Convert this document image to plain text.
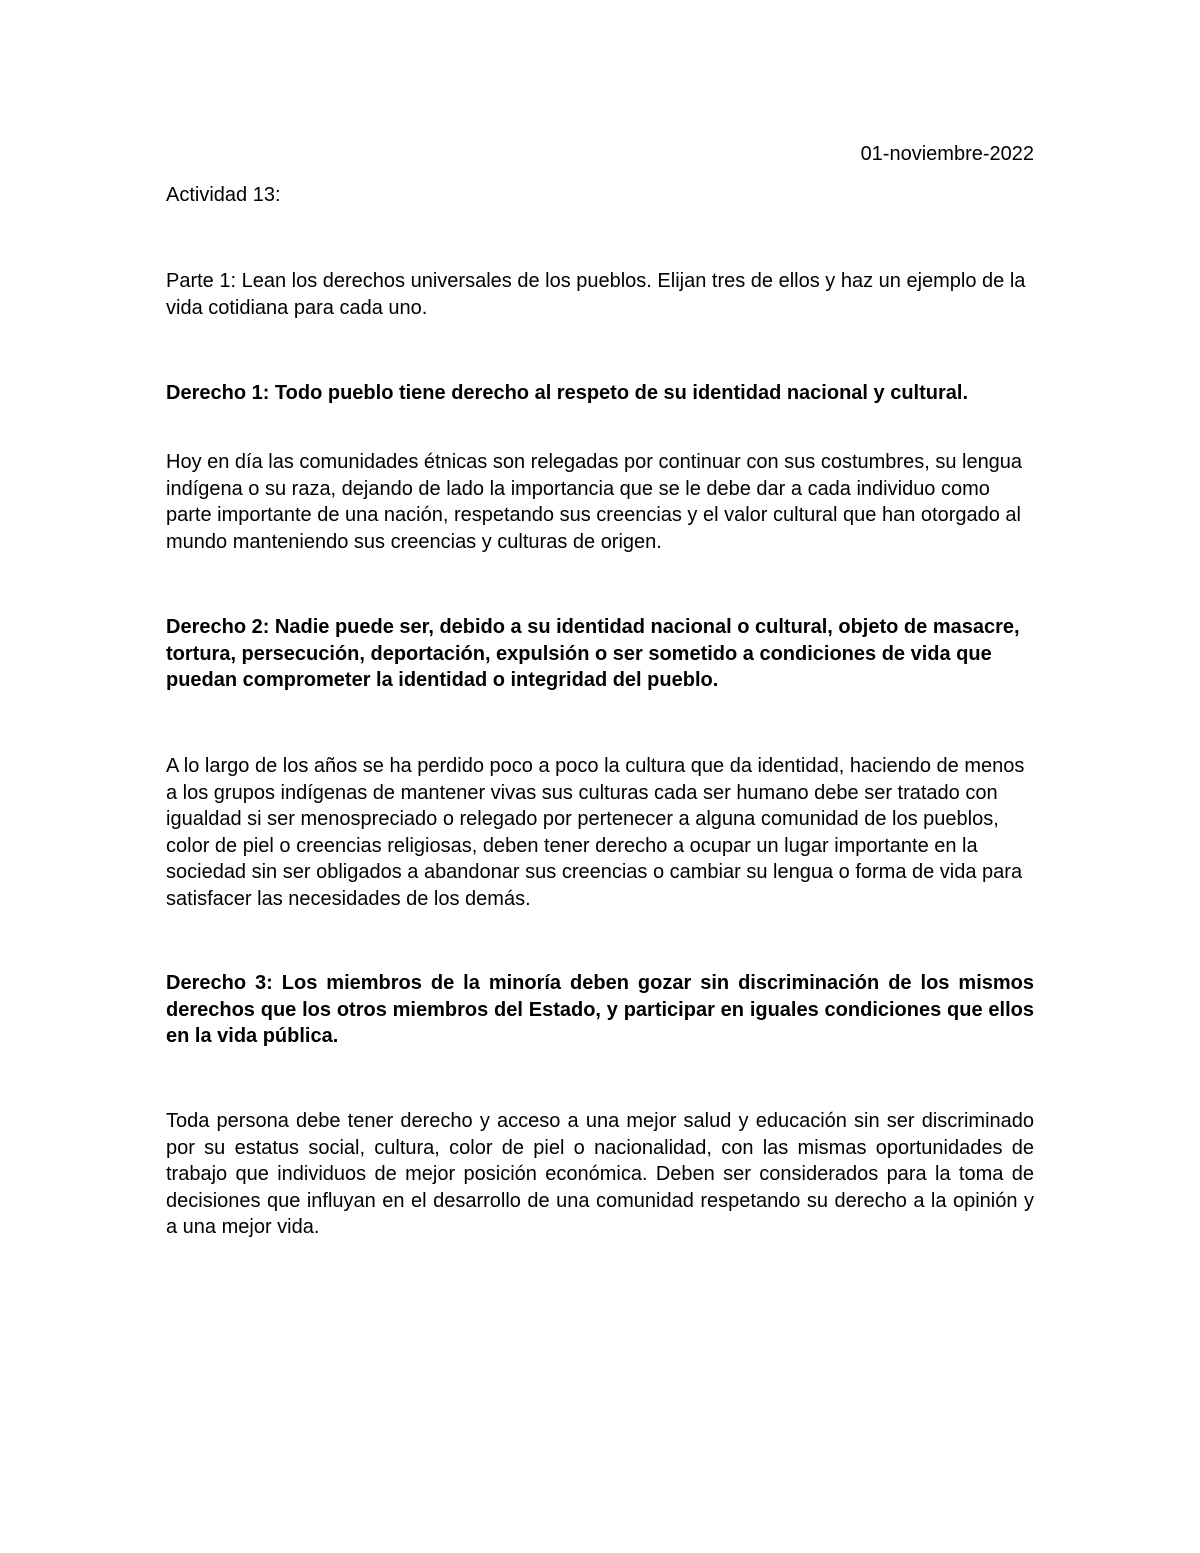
01-noviembre-2022

Actividad 13:

Parte 1: Lean los derechos universales de los pueblos. Elijan tres de ellos y haz un ejemplo de la vida cotidiana para cada uno.

Derecho 1: Todo pueblo tiene derecho al respeto de su identidad nacional y cultural.

Hoy en día las comunidades étnicas son relegadas por continuar con sus costumbres, su lengua indígena o su raza, dejando de lado la importancia que se le debe dar a cada individuo como parte importante de una nación, respetando sus creencias y el valor cultural que han otorgado al mundo manteniendo sus creencias y culturas de origen.

Derecho 2: Nadie puede ser, debido a su identidad nacional o cultural, objeto de masacre, tortura, persecución, deportación, expulsión o ser sometido a condiciones de vida que puedan comprometer la identidad o integridad del pueblo.

A lo largo de los años se ha perdido poco a poco la cultura que da identidad, haciendo de menos a los grupos indígenas de mantener vivas sus culturas cada ser humano debe ser tratado con igualdad si ser menospreciado o relegado por pertenecer a alguna comunidad de los pueblos, color de piel o creencias religiosas, deben tener derecho a ocupar un lugar importante en la sociedad sin ser obligados a abandonar sus creencias o cambiar su lengua o forma de vida para satisfacer las necesidades de los demás.

Derecho 3: Los miembros de la minoría deben gozar sin discriminación de los mismos derechos que los otros miembros del Estado, y participar en iguales condiciones que ellos en la vida pública.

Toda persona debe tener derecho y acceso a una mejor salud y educación sin ser discriminado por su estatus social, cultura, color de piel o nacionalidad, con las mismas oportunidades de trabajo que individuos de mejor posición económica. Deben ser considerados para la toma de decisiones que influyan en el desarrollo de una comunidad respetando su derecho a la opinión y a una mejor vida.
